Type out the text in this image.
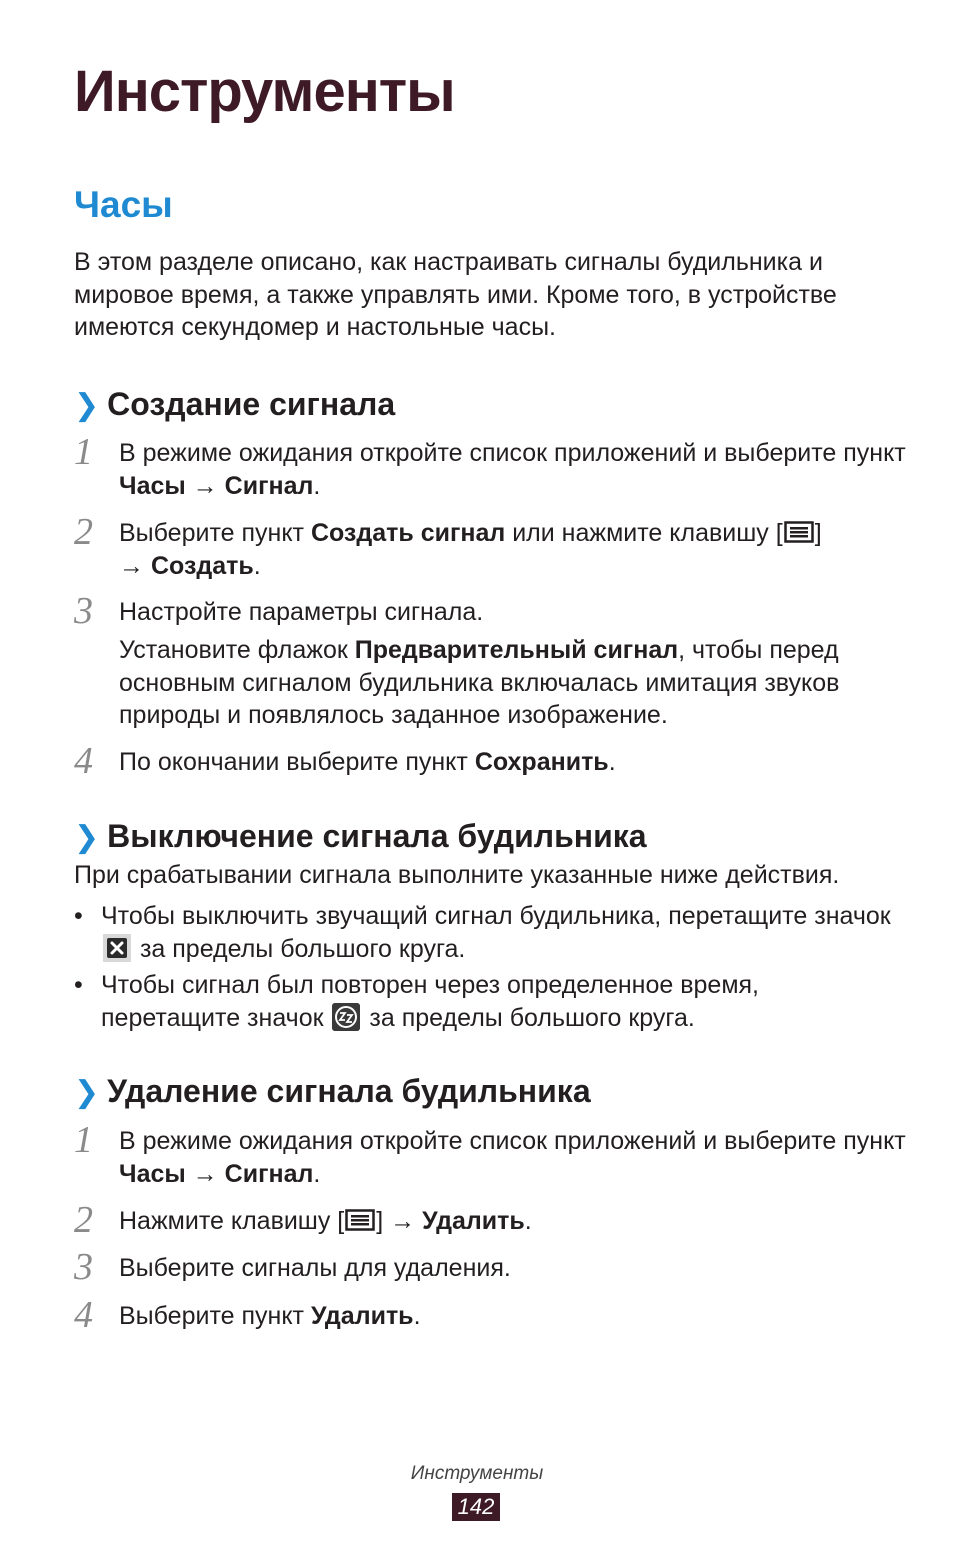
Инструменты
Часы

В этом разделе описано, как настраивать сигналы будильника и мировое время, а также управлять ими. Кроме того, в устройстве имеются секундомер и настольные часы.

❯ Создание сигнала
1 В режиме ожидания откройте список приложений и выберите пункт Часы → Сигнал.

2 Выберите пункт Создать сигнал или нажмите клавишу [ ]
→ Создать.

3 Настройте параметры сигнала.

Установите флажок Предварительный сигнал, чтобы перед основным сигналом будильника включалась имитация звуков природы и появлялось заданное изображение.

4 По окончании выберите пункт Сохранить.

❯ Выключение сигнала будильника

При срабатывании сигнала выполните указанные ниже действия.

• Чтобы выключить звучащий сигнал будильника, перетащите значок  за пределы большого круга.

• Чтобы сигнал был повторен через определенное время, перетащите значок  за пределы большого круга.

❯ Удаление сигнала будильника
1 В режиме ожидания откройте список приложений и выберите пункт Часы → Сигнал.

2 Нажмите клавишу [ ] → Удалить.

3 Выберите сигналы для удаления.

4 Выберите пункт Удалить.

Инструменты

142
